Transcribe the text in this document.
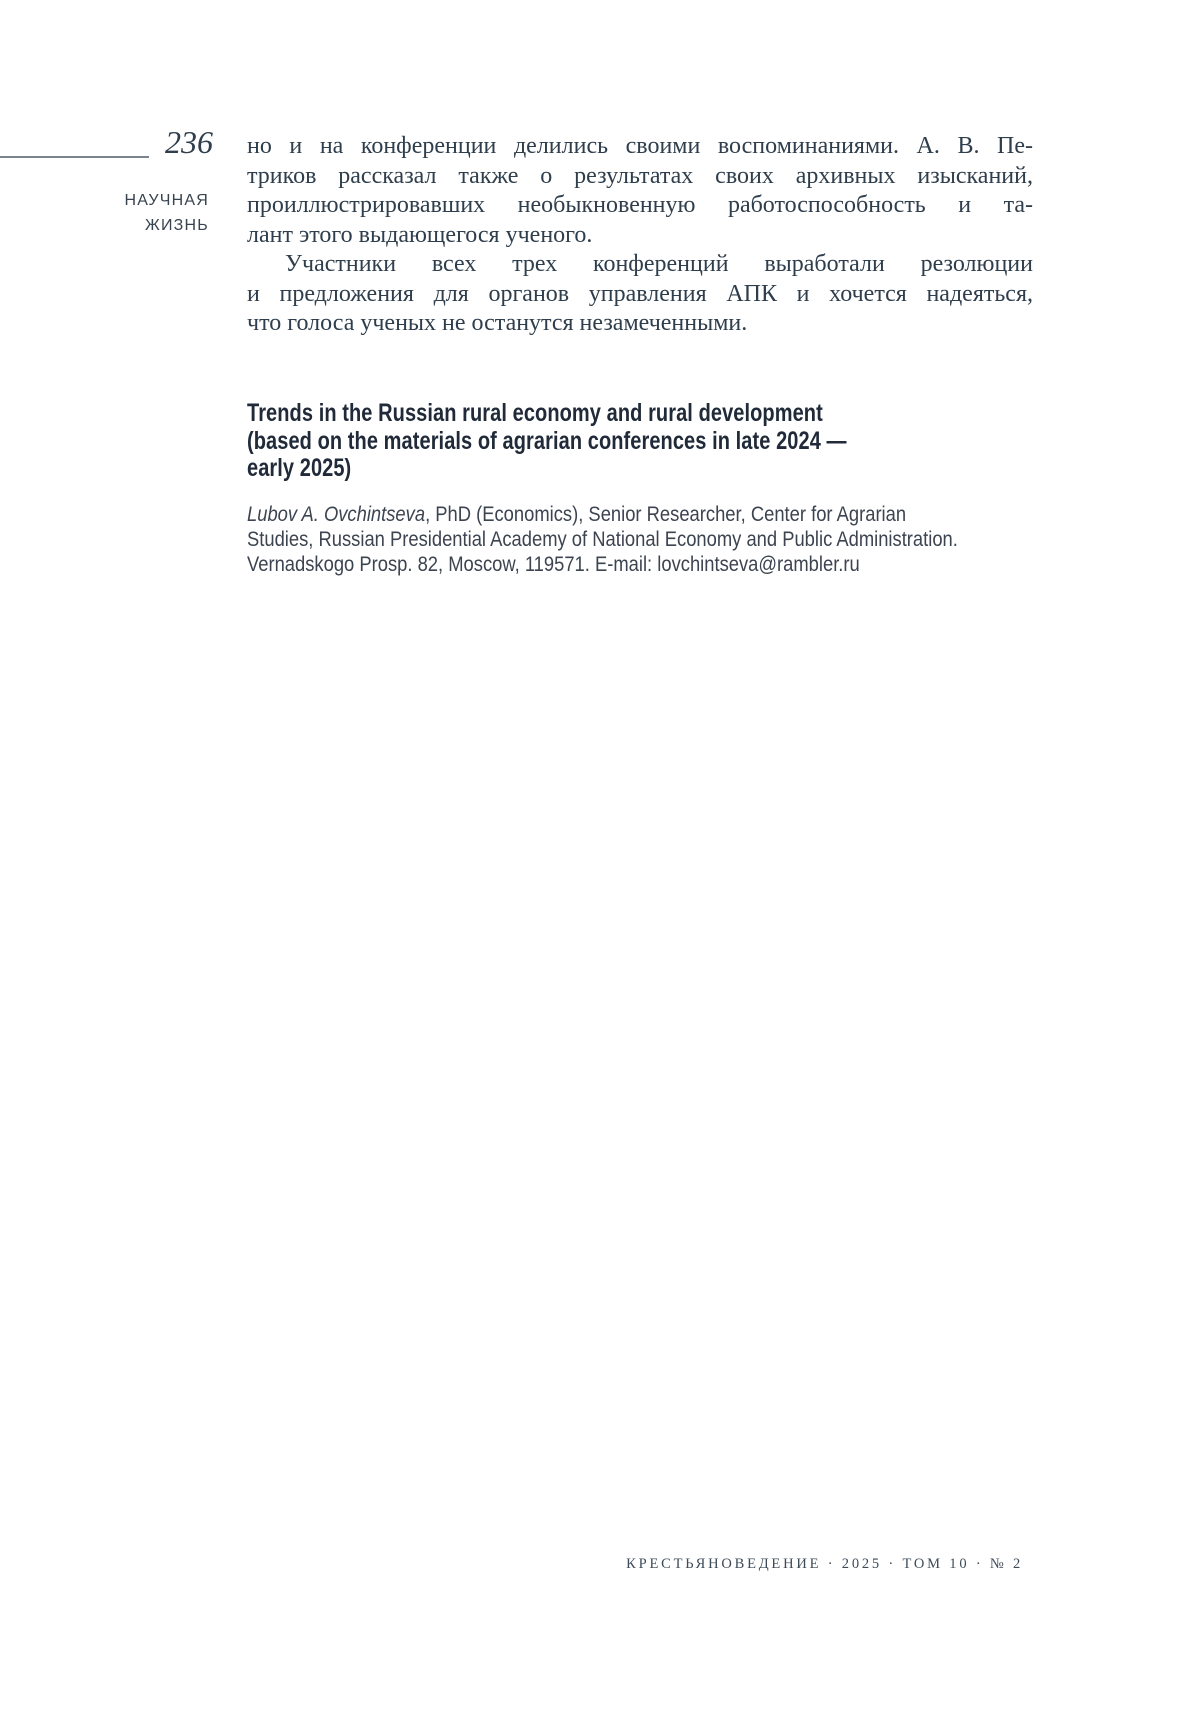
236
НАУЧНАЯ
ЖИЗНЬ
но и на конференции делились своими воспоминаниями. А. В. Пе-
триков рассказал также о результатах своих архивных изысканий,
проиллюстрировавших необыкновенную работоспособность и та-
лант этого выдающегося ученого.
Участники всех трех конференций выработали резолюции
и предложения для органов управления АПК и хочется надеяться,
что голоса ученых не останутся незамеченными.
Trends in the Russian rural economy and rural development
(based on the materials of agrarian conferences in late 2024 —
early 2025)
Lubov A. Ovchintseva, PhD (Economics), Senior Researcher, Center for Agrarian
Studies, Russian Presidential Academy of National Economy and Public Administration.
Vernadskogo Prosp. 82, Moscow, 119571. E-mail: lovchintseva@rambler.ru
КРЕСТЬЯНОВЕДЕНИЕ · 2025 · ТОМ 10 · № 2
